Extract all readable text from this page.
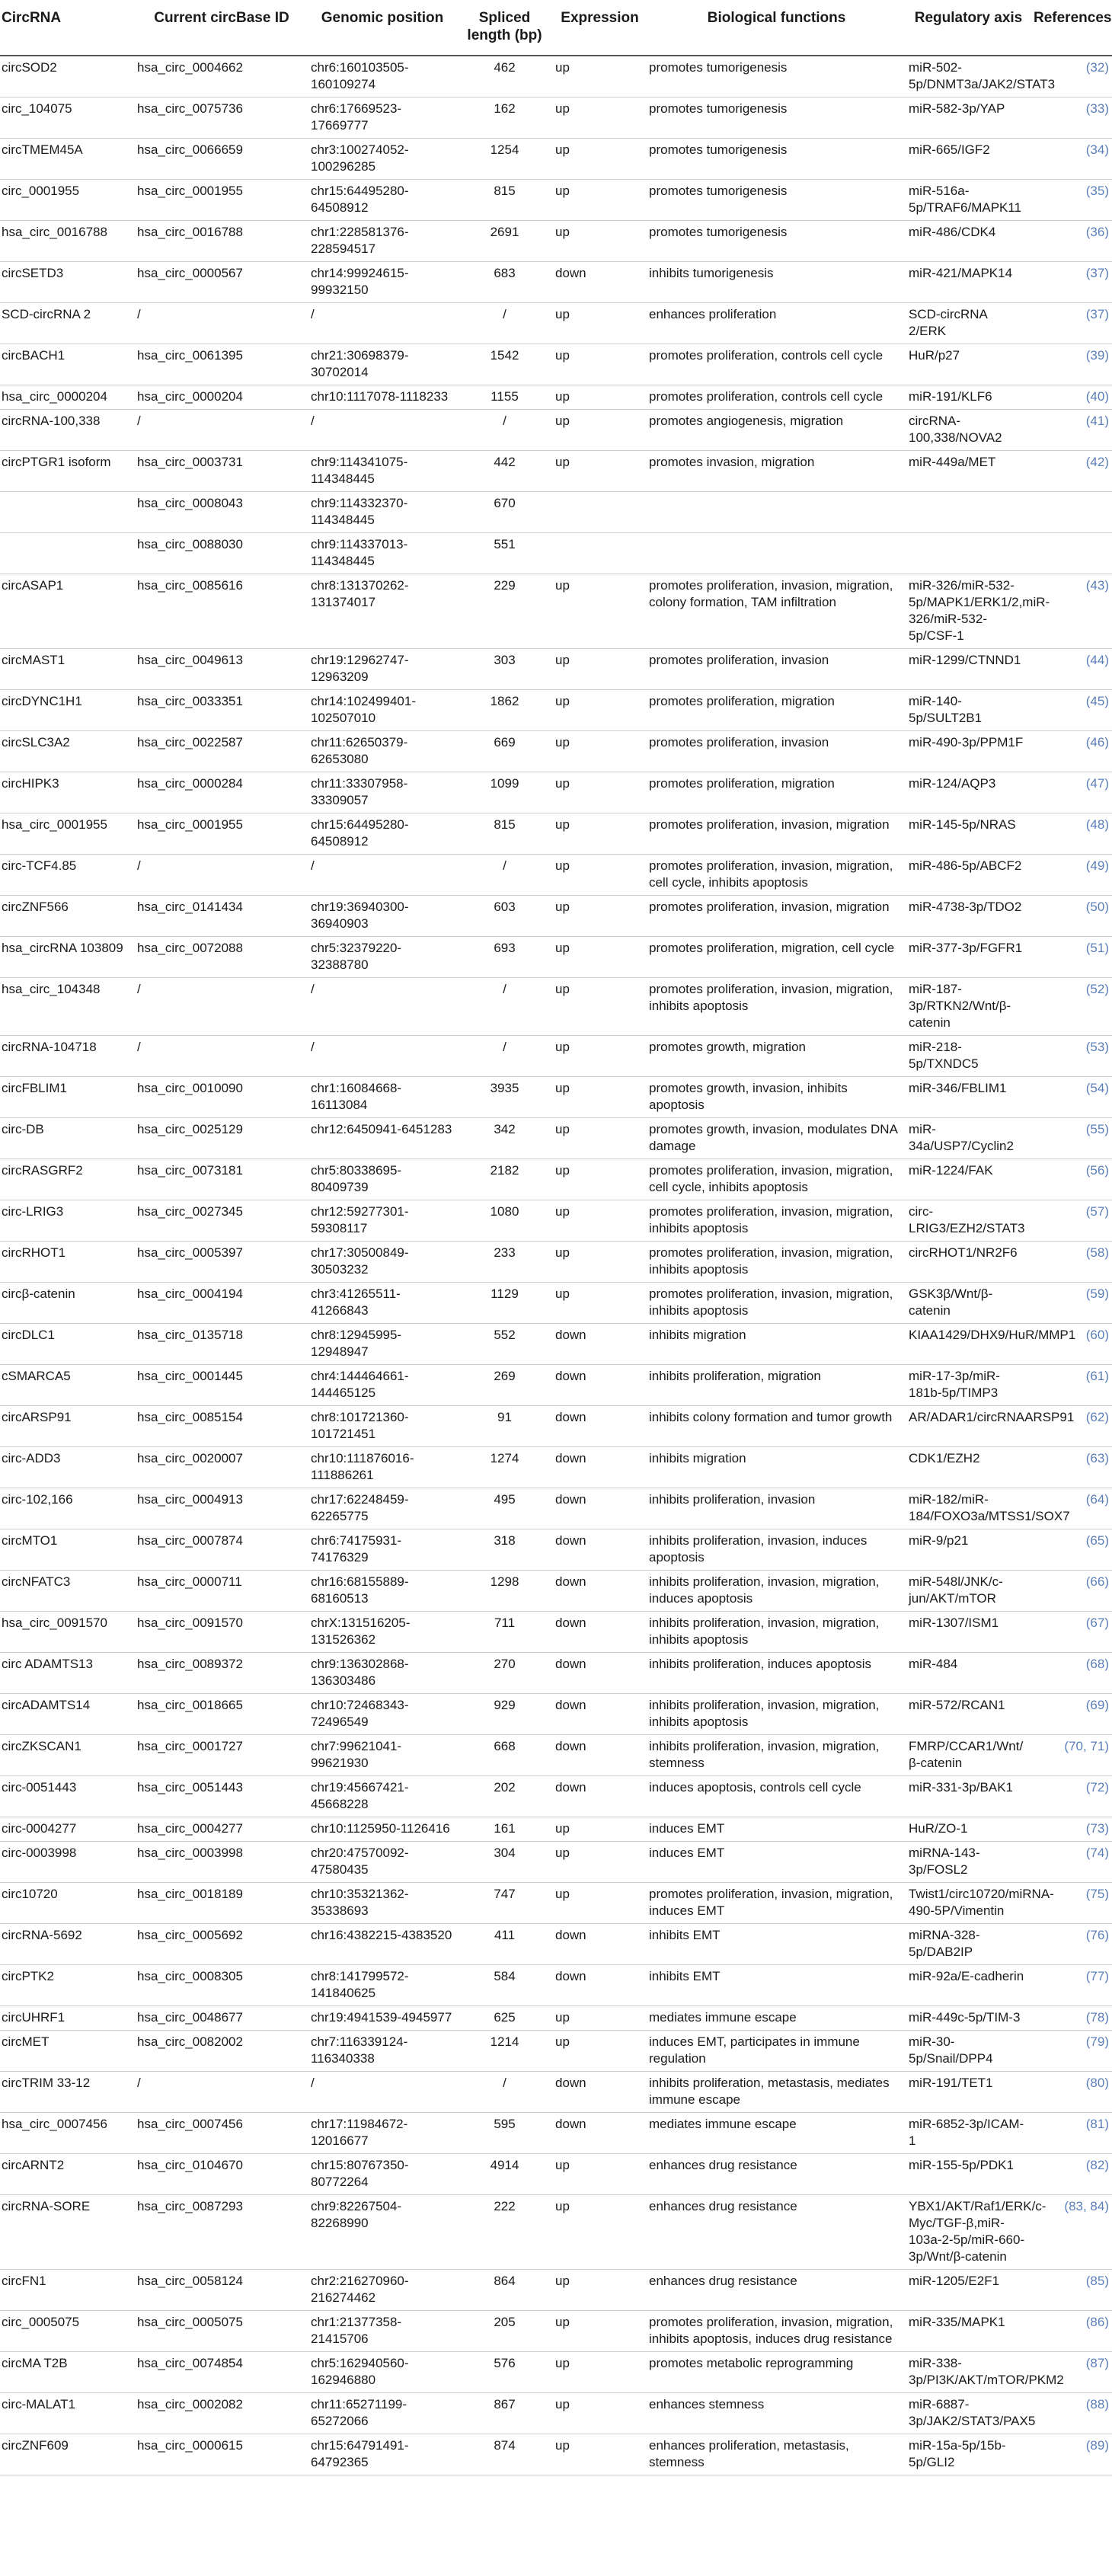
CircRNA	Current circBase ID	Genomic position	Spliced length (bp)	Expression	Biological functions	Regulatory axis	References
circSOD2	hsa_circ_0004662	chr6:160103505-160109274	462	up	promotes tumorigenesis	miR-502-5p/DNMT3a/JAK2/STAT3	(32)
circ_104075	hsa_circ_0075736	chr6:17669523-17669777	162	up	promotes tumorigenesis	miR-582-3p/YAP	(33)
circTMEM45A	hsa_circ_0066659	chr3:100274052-100296285	1254	up	promotes tumorigenesis	miR-665/IGF2	(34)
circ_0001955	hsa_circ_0001955	chr15:64495280-64508912	815	up	promotes tumorigenesis	miR-516a-5p/TRAF6/MAPK11	(35)
hsa_circ_0016788	hsa_circ_0016788	chr1:228581376-228594517	2691	up	promotes tumorigenesis	miR-486/CDK4	(36)
circSETD3	hsa_circ_0000567	chr14:99924615-99932150	683	down	inhibits tumorigenesis	miR-421/MAPK14	(37)
SCD-circRNA 2	/	/	/	up	enhances proliferation	SCD-circRNA 2/ERK	(37)
circBACH1	hsa_circ_0061395	chr21:30698379-30702014	1542	up	promotes proliferation, controls cell cycle	HuR/p27	(39)
hsa_circ_0000204	hsa_circ_0000204	chr10:1117078-1118233	1155	up	promotes proliferation, controls cell cycle	miR-191/KLF6	(40)
circRNA-100,338	/	/	/	up	promotes angiogenesis, migration	circRNA-100,338/NOVA2	(41)
circPTGR1 isoform	hsa_circ_0003731	chr9:114341075-114348445	442	up	promotes invasion, migration	miR-449a/MET	(42)
	hsa_circ_0008043	chr9:114332370-114348445	670				
	hsa_circ_0088030	chr9:114337013-114348445	551				
circASAP1	hsa_circ_0085616	chr8:131370262-131374017	229	up	promotes proliferation, invasion, migration, colony formation, TAM infiltration	miR-326/miR-532-5p/MAPK1/ERK1/2,miR-326/miR-532-5p/CSF-1	(43)
circMAST1	hsa_circ_0049613	chr19:12962747-12963209	303	up	promotes proliferation, invasion	miR-1299/CTNND1	(44)
circDYNC1H1	hsa_circ_0033351	chr14:102499401-102507010	1862	up	promotes proliferation, migration	miR-140-5p/SULT2B1	(45)
circSLC3A2	hsa_circ_0022587	chr11:62650379-62653080	669	up	promotes proliferation, invasion	miR-490-3p/PPM1F	(46)
circHIPK3	hsa_circ_0000284	chr11:33307958-33309057	1099	up	promotes proliferation, migration	miR-124/AQP3	(47)
hsa_circ_0001955	hsa_circ_0001955	chr15:64495280-64508912	815	up	promotes proliferation, invasion, migration	miR-145-5p/NRAS	(48)
circ-TCF4.85	/	/	/	up	promotes proliferation, invasion, migration, cell cycle, inhibits apoptosis	miR-486-5p/ABCF2	(49)
circZNF566	hsa_circ_0141434	chr19:36940300-36940903	603	up	promotes proliferation, invasion, migration	miR-4738-3p/TDO2	(50)
hsa_circRNA 103809	hsa_circ_0072088	chr5:32379220-32388780	693	up	promotes proliferation, migration, cell cycle	miR-377-3p/FGFR1	(51)
hsa_circ_104348	/	/	/	up	promotes proliferation, invasion, migration, inhibits apoptosis	miR-187-3p/RTKN2/Wnt/β-catenin	(52)
circRNA-104718	/	/	/	up	promotes growth, migration	miR-218-5p/TXNDC5	(53)
circFBLIM1	hsa_circ_0010090	chr1:16084668-16113084	3935	up	promotes growth, invasion, inhibits apoptosis	miR-346/FBLIM1	(54)
circ-DB	hsa_circ_0025129	chr12:6450941-6451283	342	up	promotes growth, invasion, modulates DNA damage	miR-34a/USP7/Cyclin2	(55)
circRASGRF2	hsa_circ_0073181	chr5:80338695-80409739	2182	up	promotes proliferation, invasion, migration, cell cycle, inhibits apoptosis	miR-1224/FAK	(56)
circ-LRIG3	hsa_circ_0027345	chr12:59277301-59308117	1080	up	promotes proliferation, invasion, migration, inhibits apoptosis	circ-LRIG3/EZH2/STAT3	(57)
circRHOT1	hsa_circ_0005397	chr17:30500849-30503232	233	up	promotes proliferation, invasion, migration, inhibits apoptosis	circRHOT1/NR2F6	(58)
circβ-catenin	hsa_circ_0004194	chr3:41265511-41266843	1129	up	promotes proliferation, invasion, migration, inhibits apoptosis	GSK3β/Wnt/β-catenin	(59)
circDLC1	hsa_circ_0135718	chr8:12945995-12948947	552	down	inhibits migration	KIAA1429/DHX9/HuR/MMP1	(60)
cSMARCA5	hsa_circ_0001445	chr4:144464661-144465125	269	down	inhibits proliferation, migration	miR-17-3p/miR-181b-5p/TIMP3	(61)
circARSP91	hsa_circ_0085154	chr8:101721360-101721451	91	down	inhibits colony formation and tumor growth	AR/ADAR1/circRNAARSP91	(62)
circ-ADD3	hsa_circ_0020007	chr10:111876016-111886261	1274	down	inhibits migration	CDK1/EZH2	(63)
circ-102,166	hsa_circ_0004913	chr17:62248459-62265775	495	down	inhibits proliferation, invasion	miR-182/miR-184/FOXO3a/MTSS1/SOX7	(64)
circMTO1	hsa_circ_0007874	chr6:74175931-74176329	318	down	inhibits proliferation, invasion, induces apoptosis	miR-9/p21	(65)
circNFATC3	hsa_circ_0000711	chr16:68155889-68160513	1298	down	inhibits proliferation, invasion, migration, induces apoptosis	miR-548l/JNK/c-jun/AKT/mTOR	(66)
hsa_circ_0091570	hsa_circ_0091570	chrX:131516205-131526362	711	down	inhibits proliferation, invasion, migration, inhibits apoptosis	miR-1307/ISM1	(67)
circ ADAMTS13	hsa_circ_0089372	chr9:136302868-136303486	270	down	inhibits proliferation, induces apoptosis	miR-484	(68)
circADAMTS14	hsa_circ_0018665	chr10:72468343-72496549	929	down	inhibits proliferation, invasion, migration, inhibits apoptosis	miR-572/RCAN1	(69)
circZKSCAN1	hsa_circ_0001727	chr7:99621041-99621930	668	down	inhibits proliferation, invasion, migration, stemness	FMRP/CCAR1/Wnt/β-catenin	(70, 71)
circ-0051443	hsa_circ_0051443	chr19:45667421-45668228	202	down	induces apoptosis, controls cell cycle	miR-331-3p/BAK1	(72)
circ-0004277	hsa_circ_0004277	chr10:1125950-1126416	161	up	induces EMT	HuR/ZO-1	(73)
circ-0003998	hsa_circ_0003998	chr20:47570092-47580435	304	up	induces EMT	miRNA-143-3p/FOSL2	(74)
circ10720	hsa_circ_0018189	chr10:35321362-35338693	747	up	promotes proliferation, invasion, migration, induces EMT	Twist1/circ10720/miRNA-490-5P/Vimentin	(75)
circRNA-5692	hsa_circ_0005692	chr16:4382215-4383520	411	down	inhibits EMT	miRNA-328-5p/DAB2IP	(76)
circPTK2	hsa_circ_0008305	chr8:141799572-141840625	584	down	inhibits EMT	miR-92a/E-cadherin	(77)
circUHRF1	hsa_circ_0048677	chr19:4941539-4945977	625	up	mediates immune escape	miR-449c-5p/TIM-3	(78)
circMET	hsa_circ_0082002	chr7:116339124-116340338	1214	up	induces EMT, participates in immune regulation	miR-30-5p/Snail/DPP4	(79)
circTRIM 33-12	/	/	/	down	inhibits proliferation, metastasis, mediates immune escape	miR-191/TET1	(80)
hsa_circ_0007456	hsa_circ_0007456	chr17:11984672-12016677	595	down	mediates immune escape	miR-6852-3p/ICAM-1	(81)
circARNT2	hsa_circ_0104670	chr15:80767350-80772264	4914	up	enhances drug resistance	miR-155-5p/PDK1	(82)
circRNA-SORE	hsa_circ_0087293	chr9:82267504-82268990	222	up	enhances drug resistance	YBX1/AKT/Raf1/ERK/c-Myc/TGF-β,miR-103a-2-5p/miR-660-3p/Wnt/β-catenin	(83, 84)
circFN1	hsa_circ_0058124	chr2:216270960-216274462	864	up	enhances drug resistance	miR-1205/E2F1	(85)
circ_0005075	hsa_circ_0005075	chr1:21377358-21415706	205	up	promotes proliferation, invasion, migration, inhibits apoptosis, induces drug resistance	miR-335/MAPK1	(86)
circMA T2B	hsa_circ_0074854	chr5:162940560-162946880	576	up	promotes metabolic reprogramming	miR-338-3p/PI3K/AKT/mTOR/PKM2	(87)
circ-MALAT1	hsa_circ_0002082	chr11:65271199-65272066	867	up	enhances stemness	miR-6887-3p/JAK2/STAT3/PAX5	(88)
circZNF609	hsa_circ_0000615	chr15:64791491-64792365	874	up	enhances proliferation, metastasis, stemness	miR-15a-5p/15b-5p/GLI2	(89)
